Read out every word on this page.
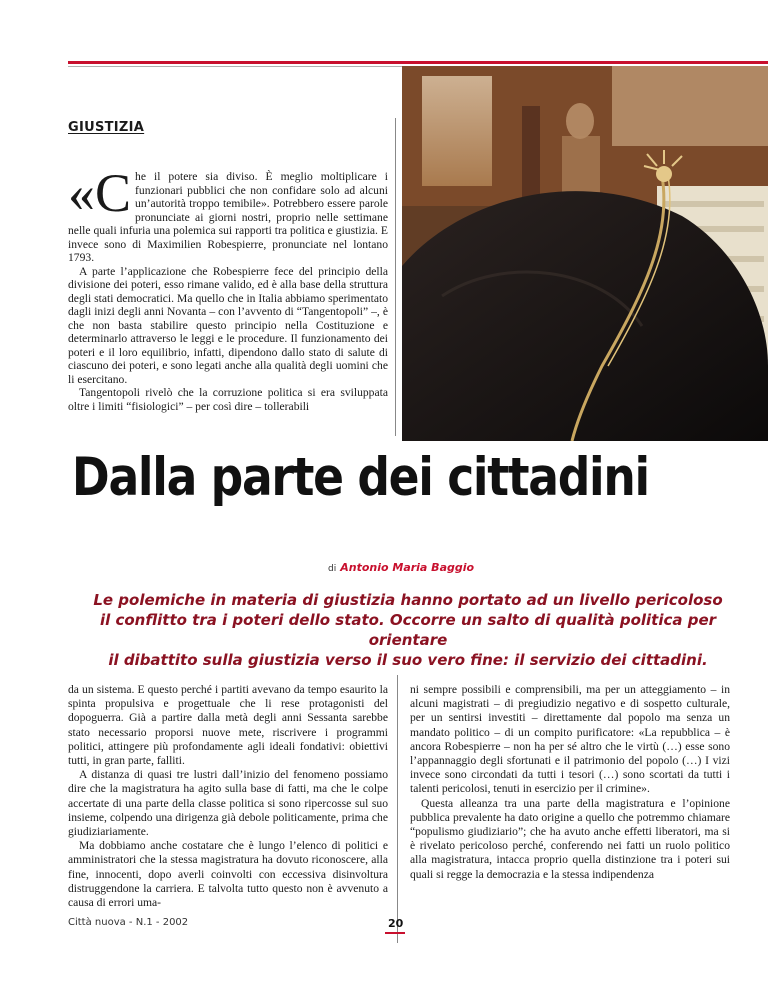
GIUSTIZIA

«Che il potere sia diviso. È meglio moltiplicare i funzionari pubblici che non confidare solo ad alcuni un’autorità troppo temibile». Potrebbero essere parole pronunciate ai giorni nostri, proprio nelle settimane nelle quali infuria una polemica sui rapporti tra politica e giustizia. E invece sono di Maximilien Robespierre, pronunciate nel lontano 1793.

A parte l’applicazione che Robespierre fece del principio della divisione dei poteri, esso rimane valido, ed è alla base della struttura degli stati democratici. Ma quello che in Italia abbiamo sperimentato dagli inizi degli anni Novanta – con l’avvento di “Tangentopoli” –, è che non basta stabilire questo principio nella Costituzione e determinarlo attraverso le leggi e le procedure. Il funzionamento dei poteri e il loro equilibrio, infatti, dipendono dallo stato di salute di ciascuno dei poteri, e sono legati anche alla qualità degli uomini che li esercitano.

Tangentopoli rivelò che la corruzione politica si era sviluppata oltre i limiti “fisiologici” – per così dire – tollerabili

Dalla parte dei cittadini
di Antonio Maria Baggio
Le polemiche in materia di giustizia hanno portato ad un livello pericoloso
il conflitto tra i poteri dello stato. Occorre un salto di qualità politica per orientare
il dibattito sulla giustizia verso il suo vero fine: il servizio dei cittadini.

da un sistema. E questo perché i partiti avevano da tempo esaurito la spinta propulsiva e progettuale che li rese protagonisti del dopoguerra. Già a partire dalla metà degli anni Sessanta sarebbe stato necessario proporsi nuove mete, riscrivere i programmi politici, attingere più profondamente agli ideali fondativi: obiettivi tutti, in gran parte, falliti.

A distanza di quasi tre lustri dall’inizio del fenomeno possiamo dire che la magistratura ha agito sulla base di fatti, ma che le colpe accertate di una parte della classe politica si sono ripercosse sul suo insieme, colpendo una dirigenza già debole politicamente, prima che giudiziariamente.

Ma dobbiamo anche costatare che è lungo l’elenco di politici e amministratori che la stessa magistratura ha dovuto riconoscere, alla fine, innocenti, dopo averli coinvolti con eccessiva disinvoltura distruggendone la carriera. E talvolta tutto questo non è avvenuto a causa di errori uma-

ni sempre possibili e comprensibili, ma per un atteggiamento – in alcuni magistrati – di pregiudizio negativo e di sospetto culturale, per un sentirsi investiti – direttamente dal popolo ma senza un mandato politico – di un compito purificatore: «La repubblica – è ancora Robespierre – non ha per sé altro che le virtù (…) esse sono l’appannaggio degli sfortunati e il patrimonio del popolo (…) I vizi invece sono circondati da tutti i tesori (…) sono scortati da tutti i talenti pericolosi, tenuti in esercizio per il crimine».

Questa alleanza tra una parte della magistratura e l’opinione pubblica prevalente ha dato origine a quello che potremmo chiamare “populismo giudiziario”; che ha avuto anche effetti liberatori, ma si è rivelato pericoloso perché, conferendo nei fatti un ruolo politico alla magistratura, intacca proprio quella distinzione tra i poteri sui quali si regge la democrazia e la stessa indipendenza

Città nuova - N.1 - 2002	20
